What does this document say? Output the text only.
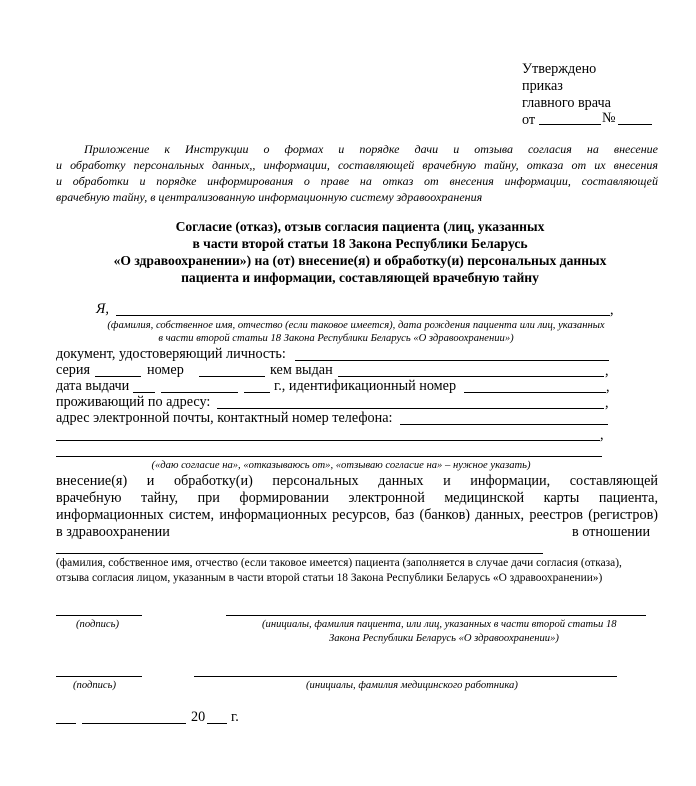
Утверждено
приказ
главного врача
от	№
Приложение к Инструкции о формах и порядке дачи и отзыва согласия на внесение
и обработку персональных данных,, информации, составляющей врачебную тайну, отказа от их внесения
и обработки и порядке информирования о праве на отказ от внесения информации, составляющей
врачебную тайну, в централизованную информационную систему здравоохранения
Согласие (отказ), отзыв согласия пациента (лиц, указанных
в части второй статьи 18 Закона Республики Беларусь
«О здравоохранении») на (от) внесение(я) и обработку(и) персональных данных
пациента и информации, составляющей врачебную тайну
Я,	,
(фамилия, собственное имя, отчество (если таковое имеется), дата рождения пациента или лиц, указанных
в части второй статьи 18 Закона Республики Беларусь «О здравоохранении»)
документ, удостоверяющий личность:
серия	номер	кем выдан	,
дата выдачи	г., идентификационный номер	,
проживающий по адресу:	,
адрес электронной почты, контактный номер телефона:
,
(«даю согласие на», «отказываюсь от», «отзываю согласие на» – нужное указать)
внесение(я) и обработку(и) персональных данных и информации, составляющей
врачебную тайну, при формировании электронной медицинской карты пациента,
информационных систем, информационных ресурсов, баз (банков) данных, реестров (регистров)
в здравоохранении	в отношении
(фамилия, собственное имя, отчество (если таковое имеется) пациента (заполняется в случае дачи согласия (отказа),
отзыва согласия лицом, указанным в части второй статьи 18 Закона Республики Беларусь «О здравоохранении»)
(подпись)	(инициалы, фамилия пациента, или лиц, указанных в части второй статьи 18
Закона Республики Беларусь «О здравоохранении»)
(подпись)	(инициалы, фамилия медицинского работника)
20 г.
